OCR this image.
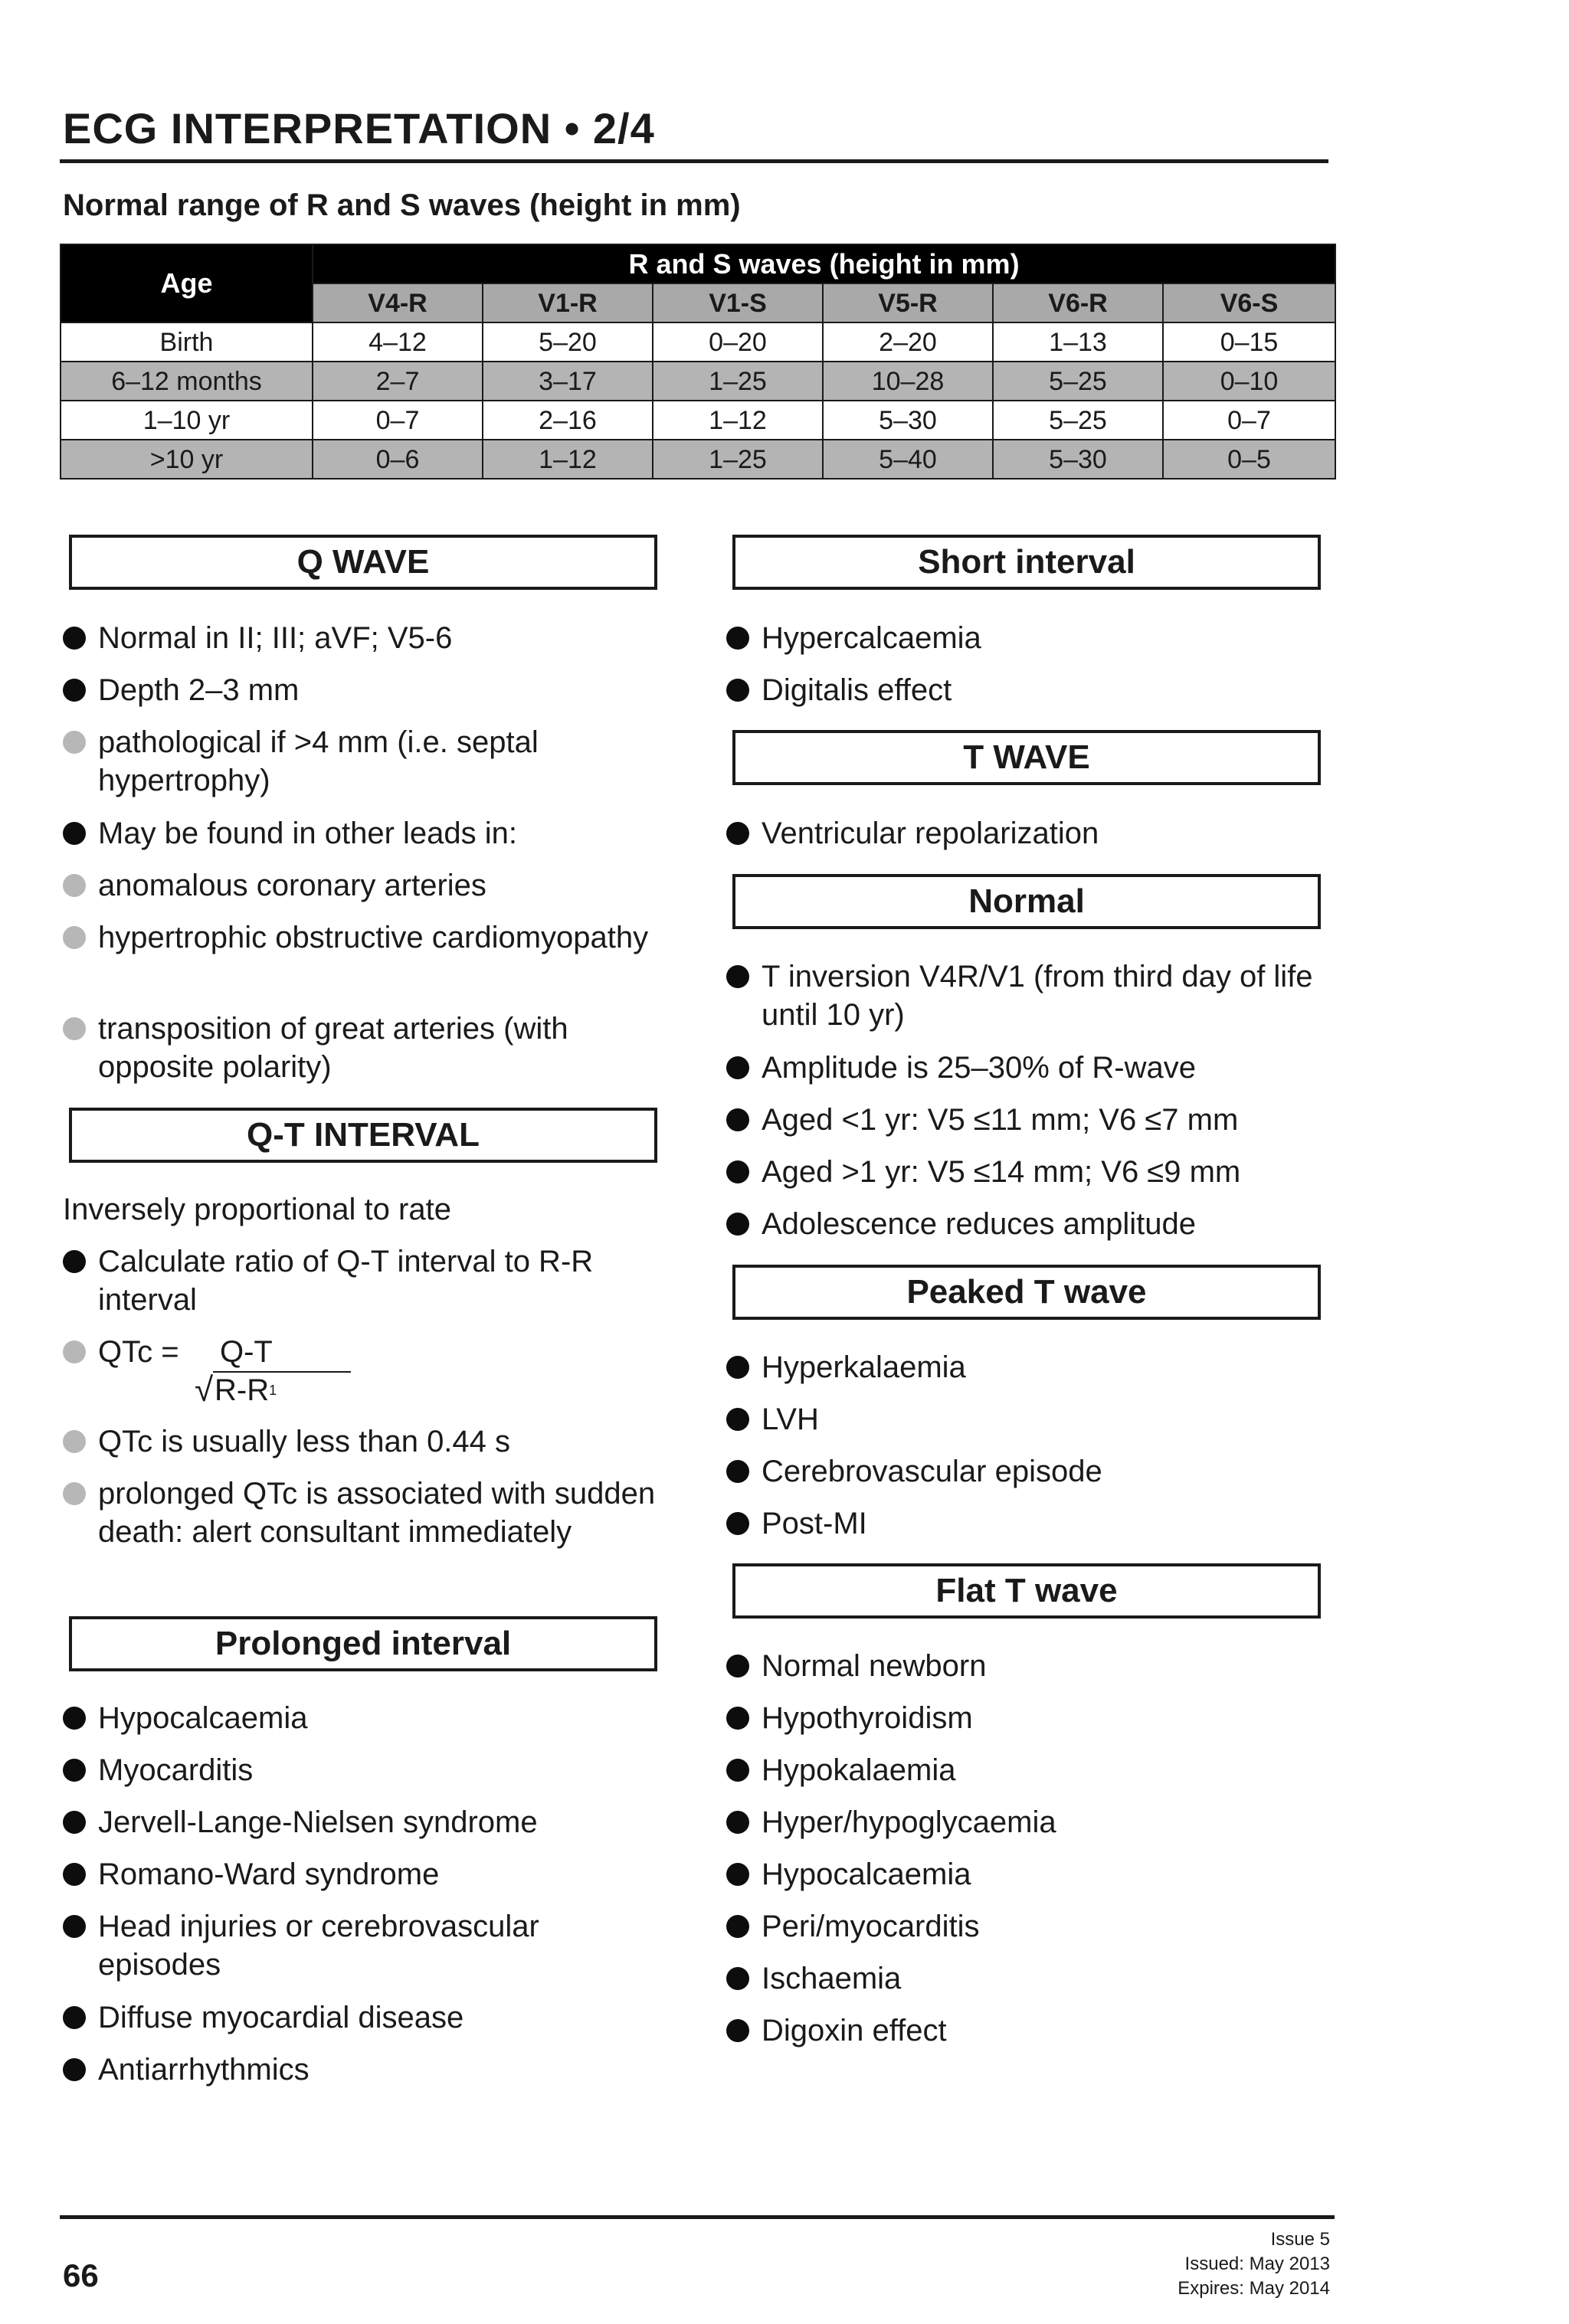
ECG INTERPRETATION • 2/4
Normal range of R and S waves (height in mm)
Age	R and S waves (height in mm)					
	V4-R	V1-R	V1-S	V5-R	V6-R	V6-S
Birth	4–12	5–20	0–20	2–20	1–13	0–15
6–12 months	2–7	3–17	1–25	10–28	5–25	0–10
1–10 yr	0–7	2–16	1–12	5–30	5–25	0–7
>10 yr	0–6	1–12	1–25	5–40	5–30	0–5
Q WAVE
Normal in II; III; aVF; V5-6
Depth 2–3 mm
pathological if >4 mm (i.e. septal hypertrophy)
May be found in other leads in:
anomalous coronary arteries
hypertrophic obstructive cardiomyopathy
transposition of great arteries (with opposite polarity)
Q-T INTERVAL
Inversely proportional to rate
Calculate ratio of Q-T interval to R-R interval
QTc = Q-T
√ $R-R^1$
QTc is usually less than 0.44 s
prolonged QTc is associated with sudden death: alert consultant immediately
Prolonged interval
Hypocalcaemia
Myocarditis
Jervell-Lange-Nielsen syndrome
Romano-Ward syndrome
Head injuries or cerebrovascular episodes
Diffuse myocardial disease
Antiarrhythmics
Short interval
Hypercalcaemia
Digitalis effect
T WAVE
Ventricular repolarization
Normal
T inversion V4R/V1 (from third day of life until 10 yr)
Amplitude is 25–30% of R-wave
Aged <1 yr: V5 ≤11 mm; V6 ≤7 mm
Aged >1 yr: V5 ≤14 mm; V6 ≤9 mm
Adolescence reduces amplitude
Peaked T wave
Hyperkalaemia
LVH
Cerebrovascular episode
Post-MI
Flat T wave
Normal newborn
Hypothyroidism
Hypokalaemia
Hyper/hypoglycaemia
Hypocalcaemia
Peri/myocarditis
Ischaemia
Digoxin effect
66
Issue 5
Issued: May 2013
Expires: May 2014
